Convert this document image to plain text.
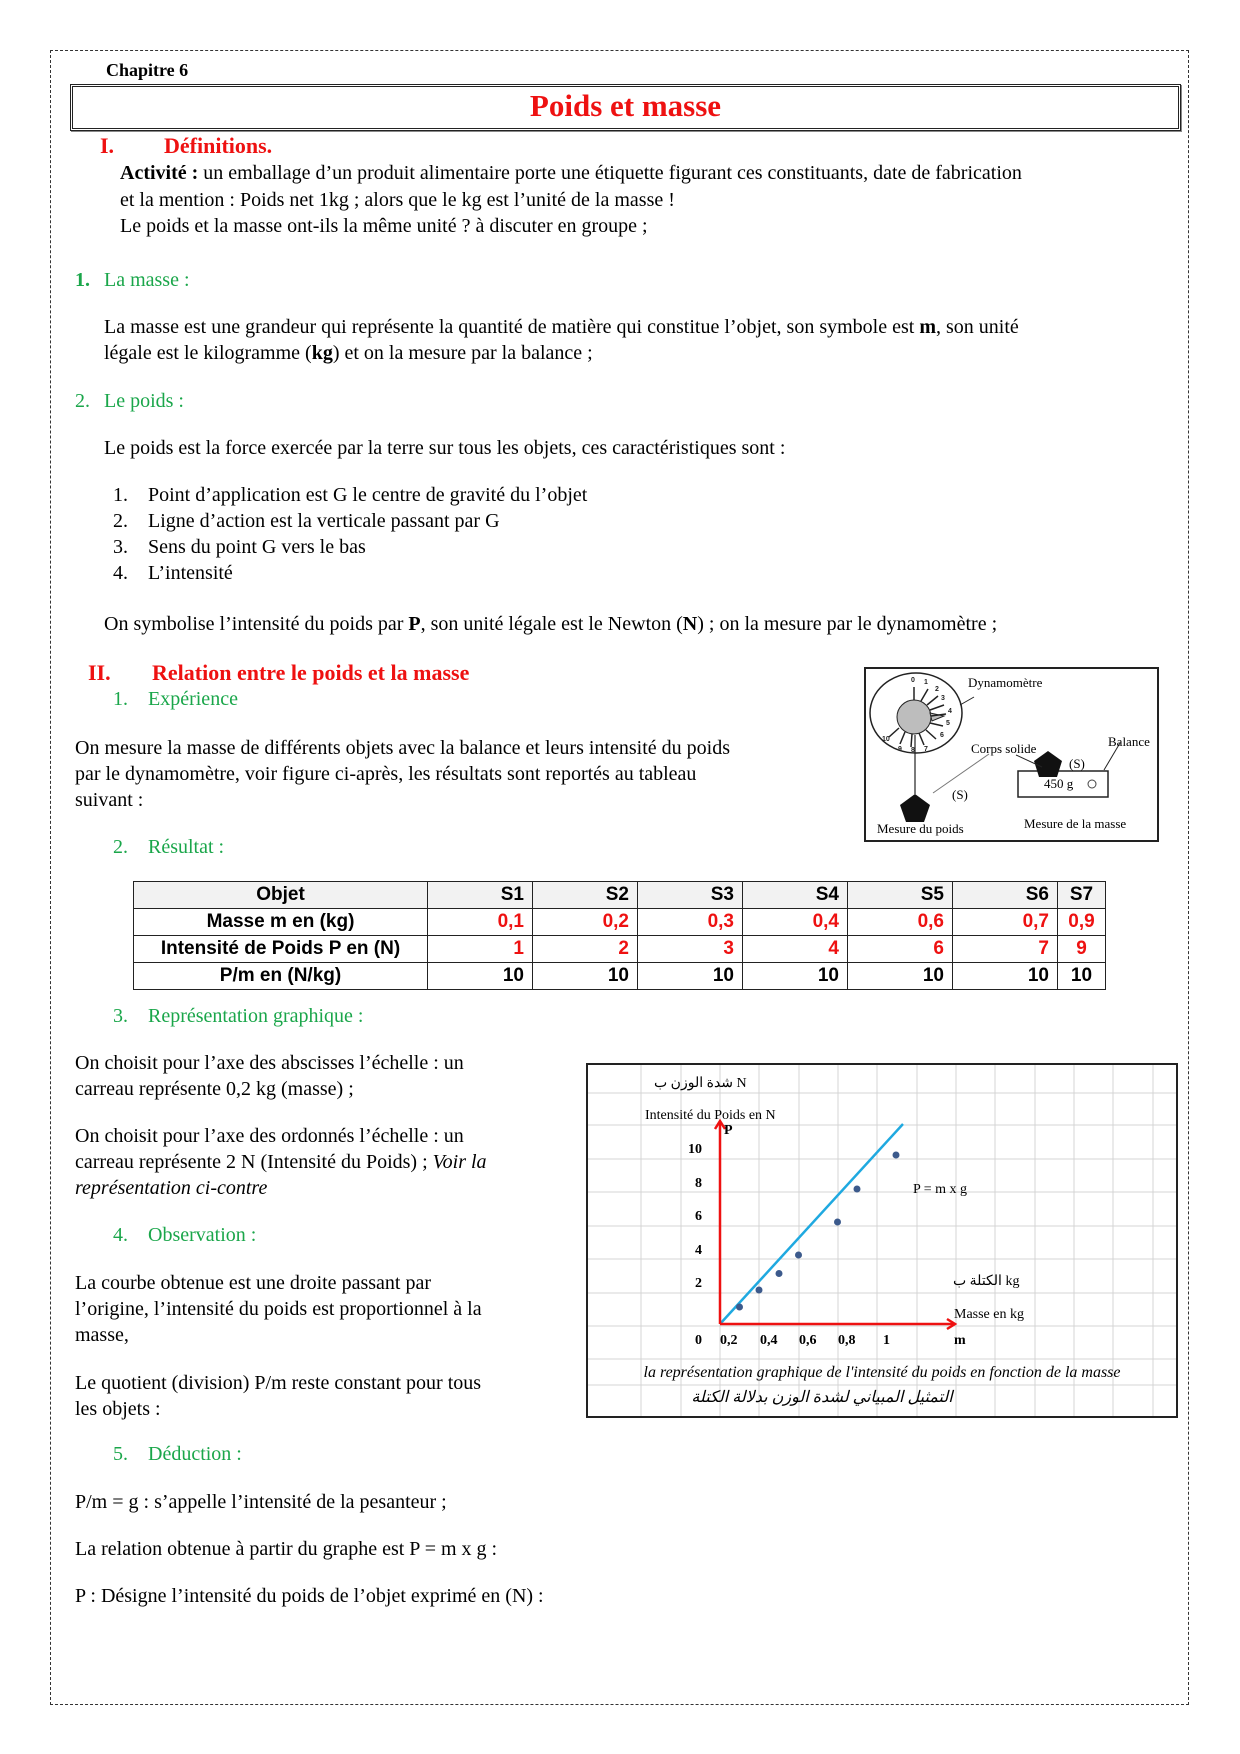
Chapitre 6
Poids et masse
I. Définitions.
Activité : un emballage d’un produit alimentaire porte une étiquette figurant ces constituants, date de fabrication
et la mention : Poids net 1kg ; alors que le kg est l’unité de la masse !
Le poids et la masse ont-ils la même unité ? à discuter en groupe ;
1. La masse :
La masse est une grandeur qui représente la quantité de matière qui constitue l’objet, son symbole est m, son unité
légale est le kilogramme (kg) et on la mesure par la balance ;
2. Le poids :
Le poids est la force exercée par la terre sur tous les objets, ces caractéristiques sont :
1. Point d’application est G le centre de gravité du l’objet
2. Ligne d’action est la verticale passant par G
3. Sens du point G vers le bas
4. L’intensité
On symbolise l’intensité du poids par P, son unité légale est le Newton (N) ; on la mesure par le dynamomètre ;
II. Relation entre le poids et la masse
1. Expérience
On mesure la masse de différents objets avec la balance et leurs intensité du poids
par le dynamomètre, voir figure ci-après, les résultats sont reportés au tableau
suivant :
0 1
2
3
4
5
6
7
8
9
10
Dynamomètre
Corps solide	Balance
(S)
(S)
450 g
Mesure du poids	Mesure de la masse
2. Résultat :
Objet	S1	S2	S3	S4	S5	S6	S7
Masse m en (kg)	0,1	0,2	0,3	0,4	0,6	0,7	0,9
Intensité de Poids P en (N)	1	2	3	4	6	7	9
P/m en (N/kg)	10	10	10	10	10	10	10
3. Représentation graphique :
On choisit pour l’axe des abscisses l’échelle : un
carreau représente 0,2 kg (masse) ;
On choisit pour l’axe des ordonnés l’échelle : un
carreau représente 2 N (Intensité du Poids) ; Voir la
représentation ci-contre
4. Observation :
La courbe obtenue est une droite passant par
l’origine, l’intensité du poids est proportionnel à la
masse,
Le quotient (division) P/m reste constant pour tous
les objets :
5. Déduction :
P/m = g : s’appelle l’intensité de la pesanteur ;
La relation obtenue à partir du graphe est P = m x g :
P : Désigne l’intensité du poids de l’objet exprimé en (N) :
شدة الوزن ب N
Intensité du Poids en N
P
10
8
6
4
2
0 0,2 0,4 0,6 0,8 1
P = m x g
الكتلة ب kg
Masse en kg
m
la représentation graphique de l'intensité du poids en fonction de la masse
التمثيل المبياني لشدة الوزن بدلالة الكتلة
